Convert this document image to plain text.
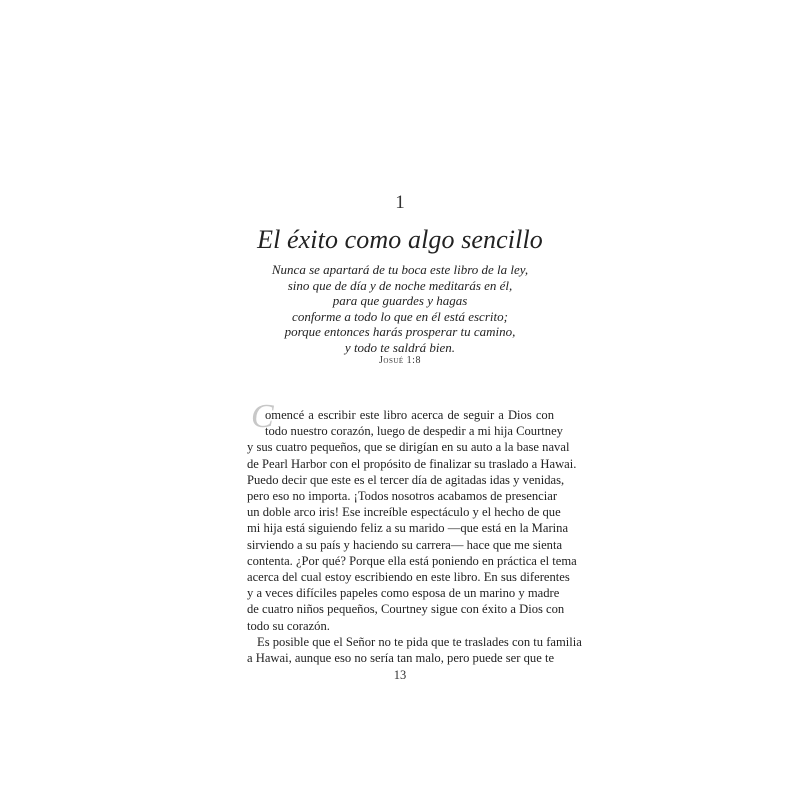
1
El éxito como algo sencillo
Nunca se apartará de tu boca este libro de la ley,
sino que de día y de noche meditarás en él,
para que guardes y hagas
conforme a todo lo que en él está escrito;
porque entonces harás prosperar tu camino,
y todo te saldrá bien.
Josué 1:8
C
omencé a escribir este libro acerca de seguir a Dios con
todo nuestro corazón, luego de despedir a mi hija Courtney
y sus cuatro pequeños, que se dirigían en su auto a la base naval
de Pearl Harbor con el propósito de finalizar su traslado a Hawai.
Puedo decir que este es el tercer día de agitadas idas y venidas,
pero eso no importa. ¡Todos nosotros acabamos de presenciar
un doble arco iris! Ese increíble espectáculo y el hecho de que
mi hija está siguiendo feliz a su marido —que está en la Marina
sirviendo a su país y haciendo su carrera— hace que me sienta
contenta. ¿Por qué? Porque ella está poniendo en práctica el tema
acerca del cual estoy escribiendo en este libro. En sus diferentes
y a veces difíciles papeles como esposa de un marino y madre
de cuatro niños pequeños, Courtney sigue con éxito a Dios con
todo su corazón.
Es posible que el Señor no te pida que te traslades con tu familia
a Hawai, aunque eso no sería tan malo, pero puede ser que te
13
